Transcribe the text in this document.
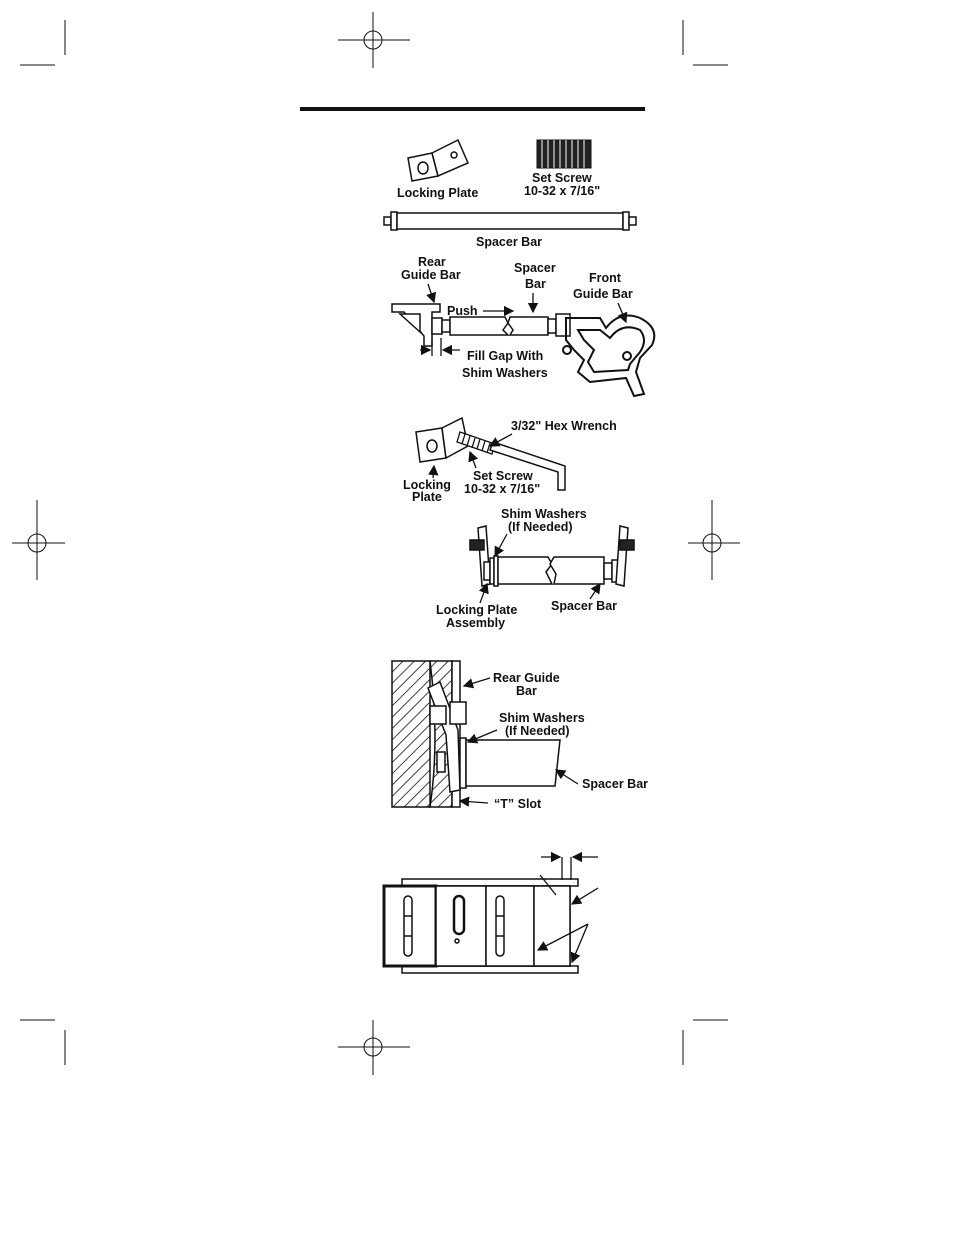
Locking Plate
Set Screw
10-32 x 7/16"
Spacer Bar
Rear
Guide Bar	Spacer
Bar	Front
Guide Bar
Push
Fill Gap With
Shim Washers
3/32" Hex Wrench
Locking
Plate
Set Screw
10-32 x 7/16"
Shim Washers
(If Needed)
Locking Plate
Assembly
Spacer Bar
Rear Guide
Bar
Shim Washers
(If Needed)
Spacer Bar
“T” Slot
